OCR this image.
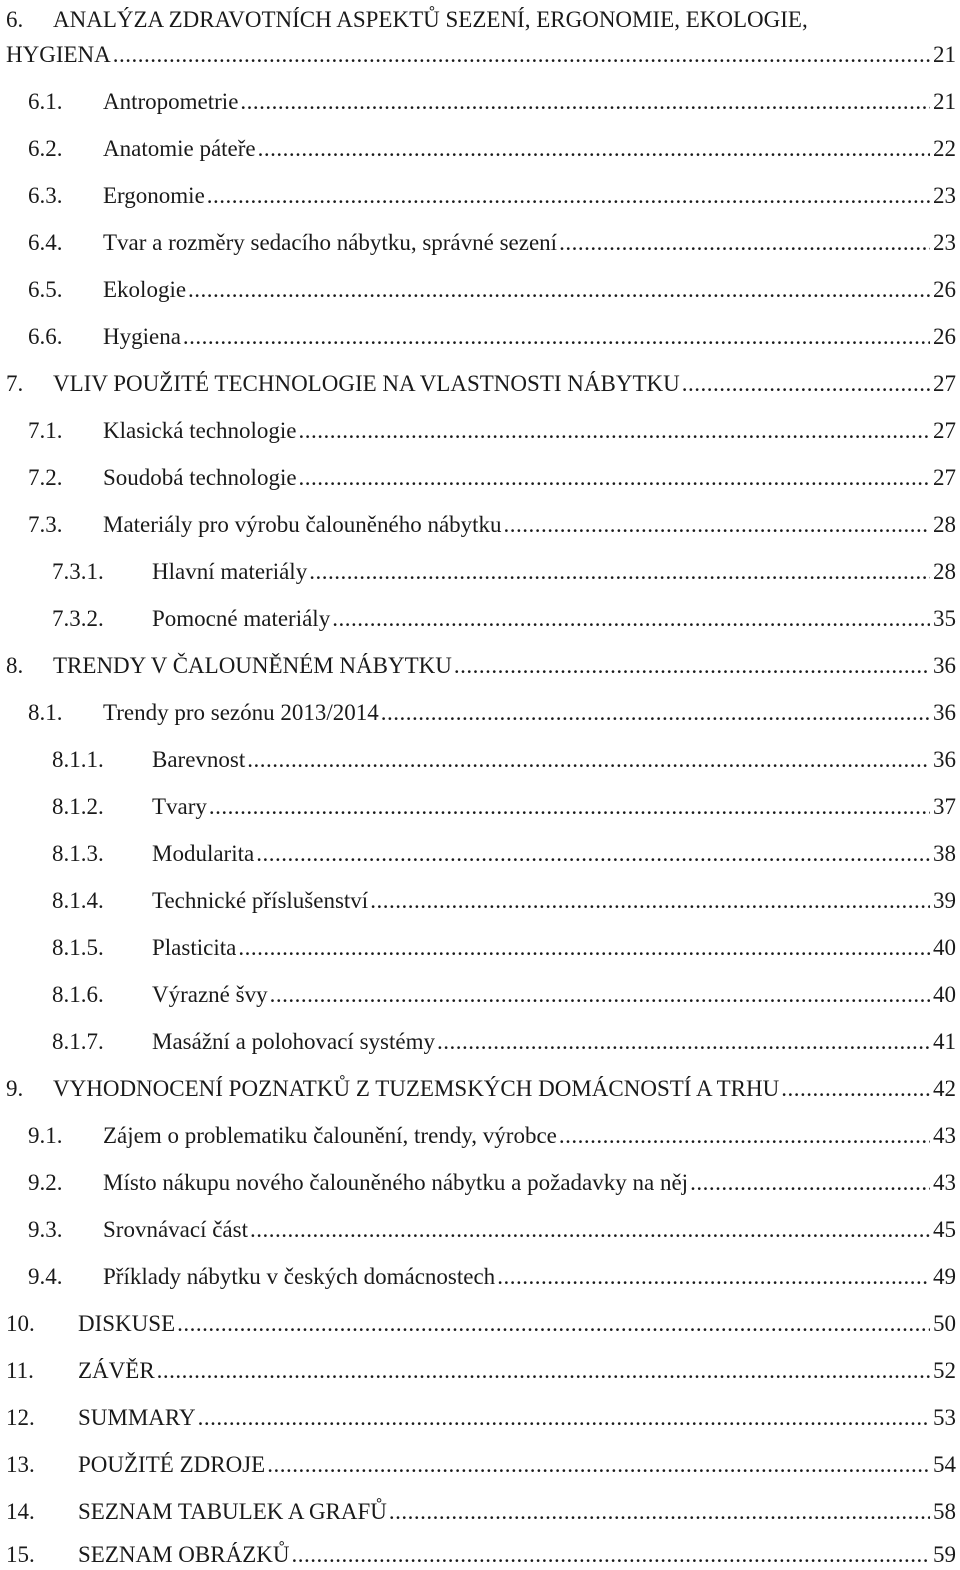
6. ANALÝZA ZDRAVOTNÍCH ASPEKTŮ SEZENÍ, ERGONOMIE, EKOLOGIE,
HYGIENA .....	21
6.1.	Antropometrie .....	21
6.2.	Anatomie páteře .....	22
6.3.	Ergonomie .....	23
6.4.	Tvar a rozměry sedacího nábytku, správné sezení .....	23
6.5.	Ekologie .....	26
6.6.	Hygiena .....	26
7.	VLIV POUŽITÉ TECHNOLOGIE NA VLASTNOSTI NÁBYTKU .....	27
7.1.	Klasická technologie .....	27
7.2.	Soudobá technologie .....	27
7.3.	Materiály pro výrobu čalouněného nábytku .....	28
7.3.1.	Hlavní materiály .....	28
7.3.2.	Pomocné materiály .....	35
8.	TRENDY V ČALOUNĚNÉM NÁBYTKU .....	36
8.1.	Trendy pro sezónu 2013/2014 .....	36
8.1.1.	Barevnost .....	36
8.1.2.	Tvary .....	37
8.1.3.	Modularita .....	38
8.1.4.	Technické příslušenství .....	39
8.1.5.	Plasticita .....	40
8.1.6.	Výrazné švy .....	40
8.1.7.	Masážní a polohovací systémy .....	41
9.	VYHODNOCENÍ POZNATKŮ Z TUZEMSKÝCH DOMÁCNOSTÍ A TRHU .....	42
9.1.	Zájem o problematiku čalounění, trendy, výrobce .....	43
9.2.	Místo nákupu nového čalouněného nábytku a požadavky na něj .....	43
9.3.	Srovnávací část .....	45
9.4.	Příklady nábytku v českých domácnostech .....	49
10.	DISKUSE .....	50
11.	ZÁVĚR .....	52
12.	SUMMARY .....	53
13.	POUŽITÉ ZDROJE .....	54
14.	SEZNAM TABULEK A GRAFŮ .....	58
15.	SEZNAM OBRÁZKŮ .....	59
